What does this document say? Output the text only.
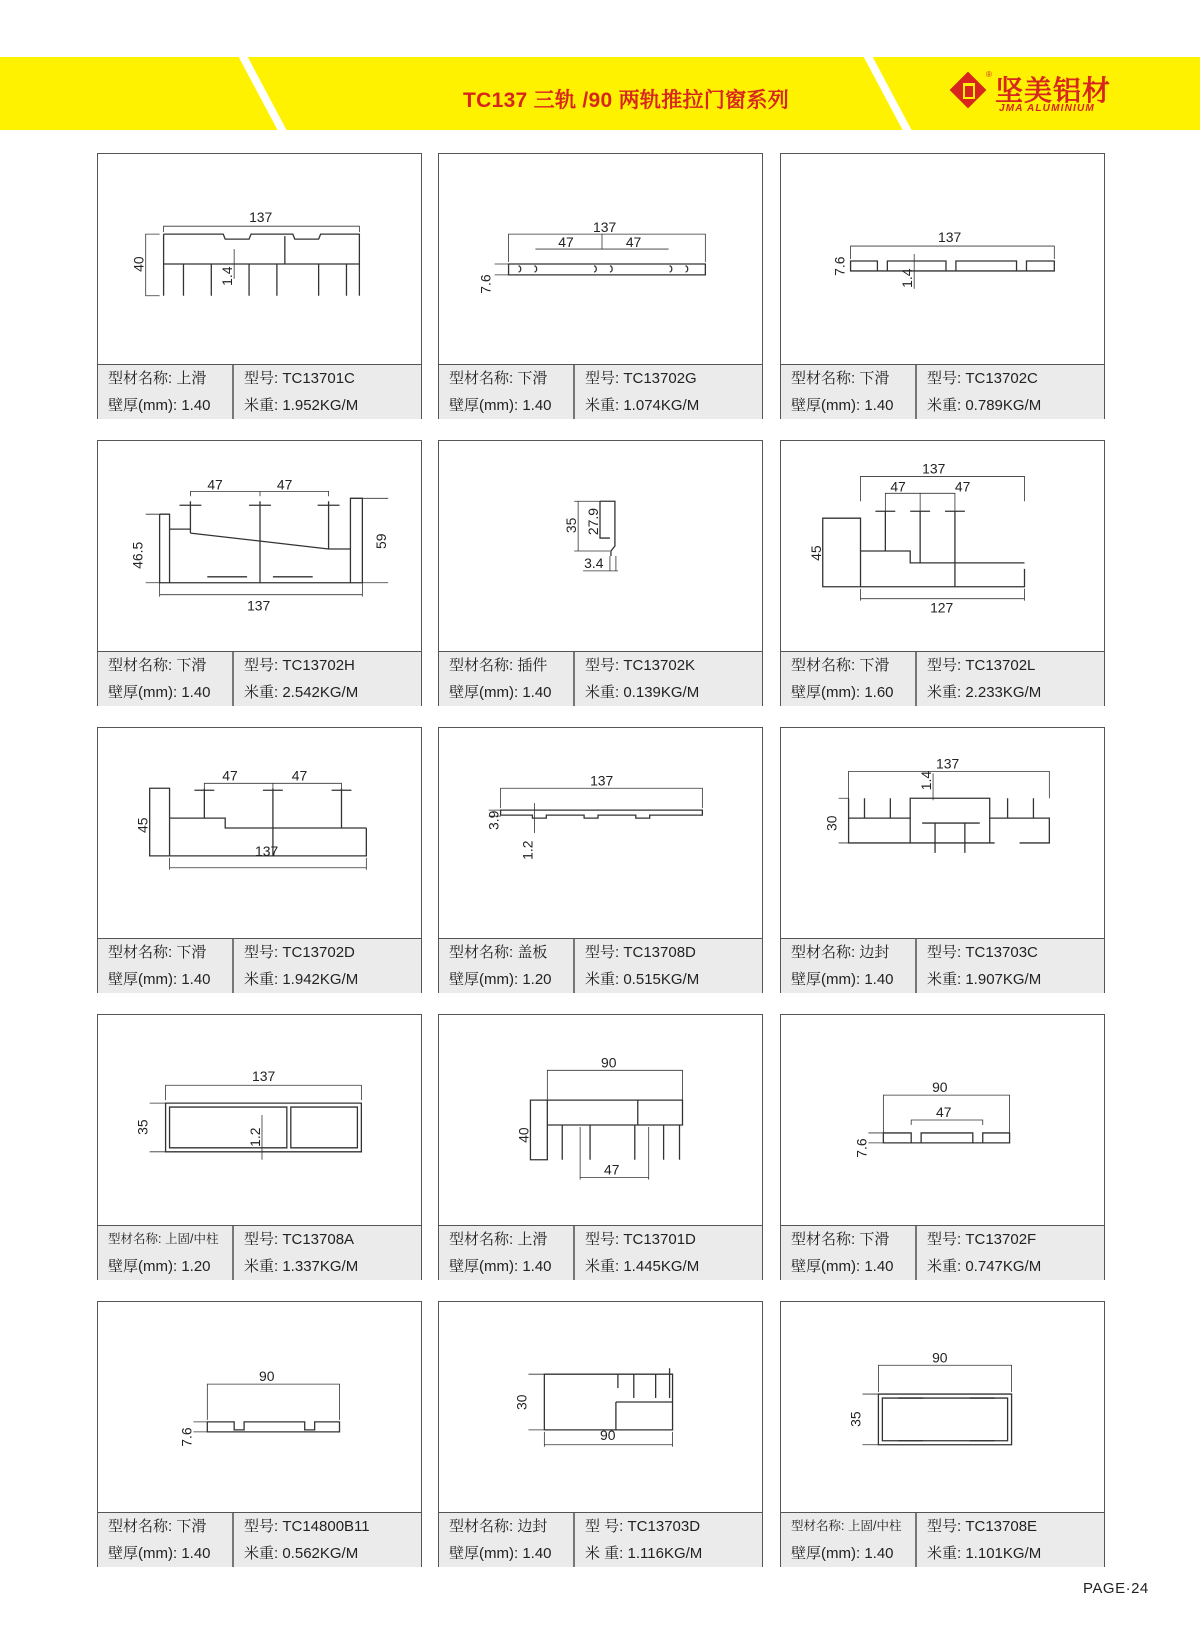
TC137 三轨 /90 两轨推拉门窗系列
®
坚美铝材
JMA ALUMINIUM
137
40
1.4
型材名称: 上滑	型号: TC13701C
壁厚(mm): 1.40	米重: 1.952KG/M
137
47	47
7.6
型材名称: 下滑	型号: TC13702G
壁厚(mm): 1.40	米重: 1.074KG/M
137
7.6
1.4
型材名称: 下滑	型号: TC13702C
壁厚(mm): 1.40	米重: 0.789KG/M
47	47
46.5
59
137
型材名称: 下滑	型号: TC13702H
壁厚(mm): 1.40	米重: 2.542KG/M
35 27.9
3.4
型材名称: 插件	型号: TC13702K
壁厚(mm): 1.40	米重: 0.139KG/M
137
47	47
45
127
型材名称: 下滑	型号: TC13702L
壁厚(mm): 1.60	米重: 2.233KG/M
47	47
45
137
型材名称: 下滑	型号: TC13702D
壁厚(mm): 1.40	米重: 1.942KG/M
137
3.9
1.2
型材名称: 盖板	型号: TC13708D
壁厚(mm): 1.20	米重: 0.515KG/M
137
30
1.4
型材名称: 边封	型号: TC13703C
壁厚(mm): 1.40	米重: 1.907KG/M
137
35
1.2
型材名称: 上固/中柱	型号: TC13708A
壁厚(mm): 1.20	米重: 1.337KG/M
90
40
47
型材名称: 上滑	型号: TC13701D
壁厚(mm): 1.40	米重: 1.445KG/M
90
47
7.6
型材名称: 下滑	型号: TC13702F
壁厚(mm): 1.40	米重: 0.747KG/M
90
7.6
型材名称: 下滑	型号: TC14800B11
壁厚(mm): 1.40	米重: 0.562KG/M
30
90
型材名称: 边封	型 号: TC13703D
壁厚(mm): 1.40	米 重: 1.116KG/M
90
35
型材名称: 上固/中柱	型号: TC13708E
壁厚(mm): 1.40	米重: 1.101KG/M
PAGE·24
